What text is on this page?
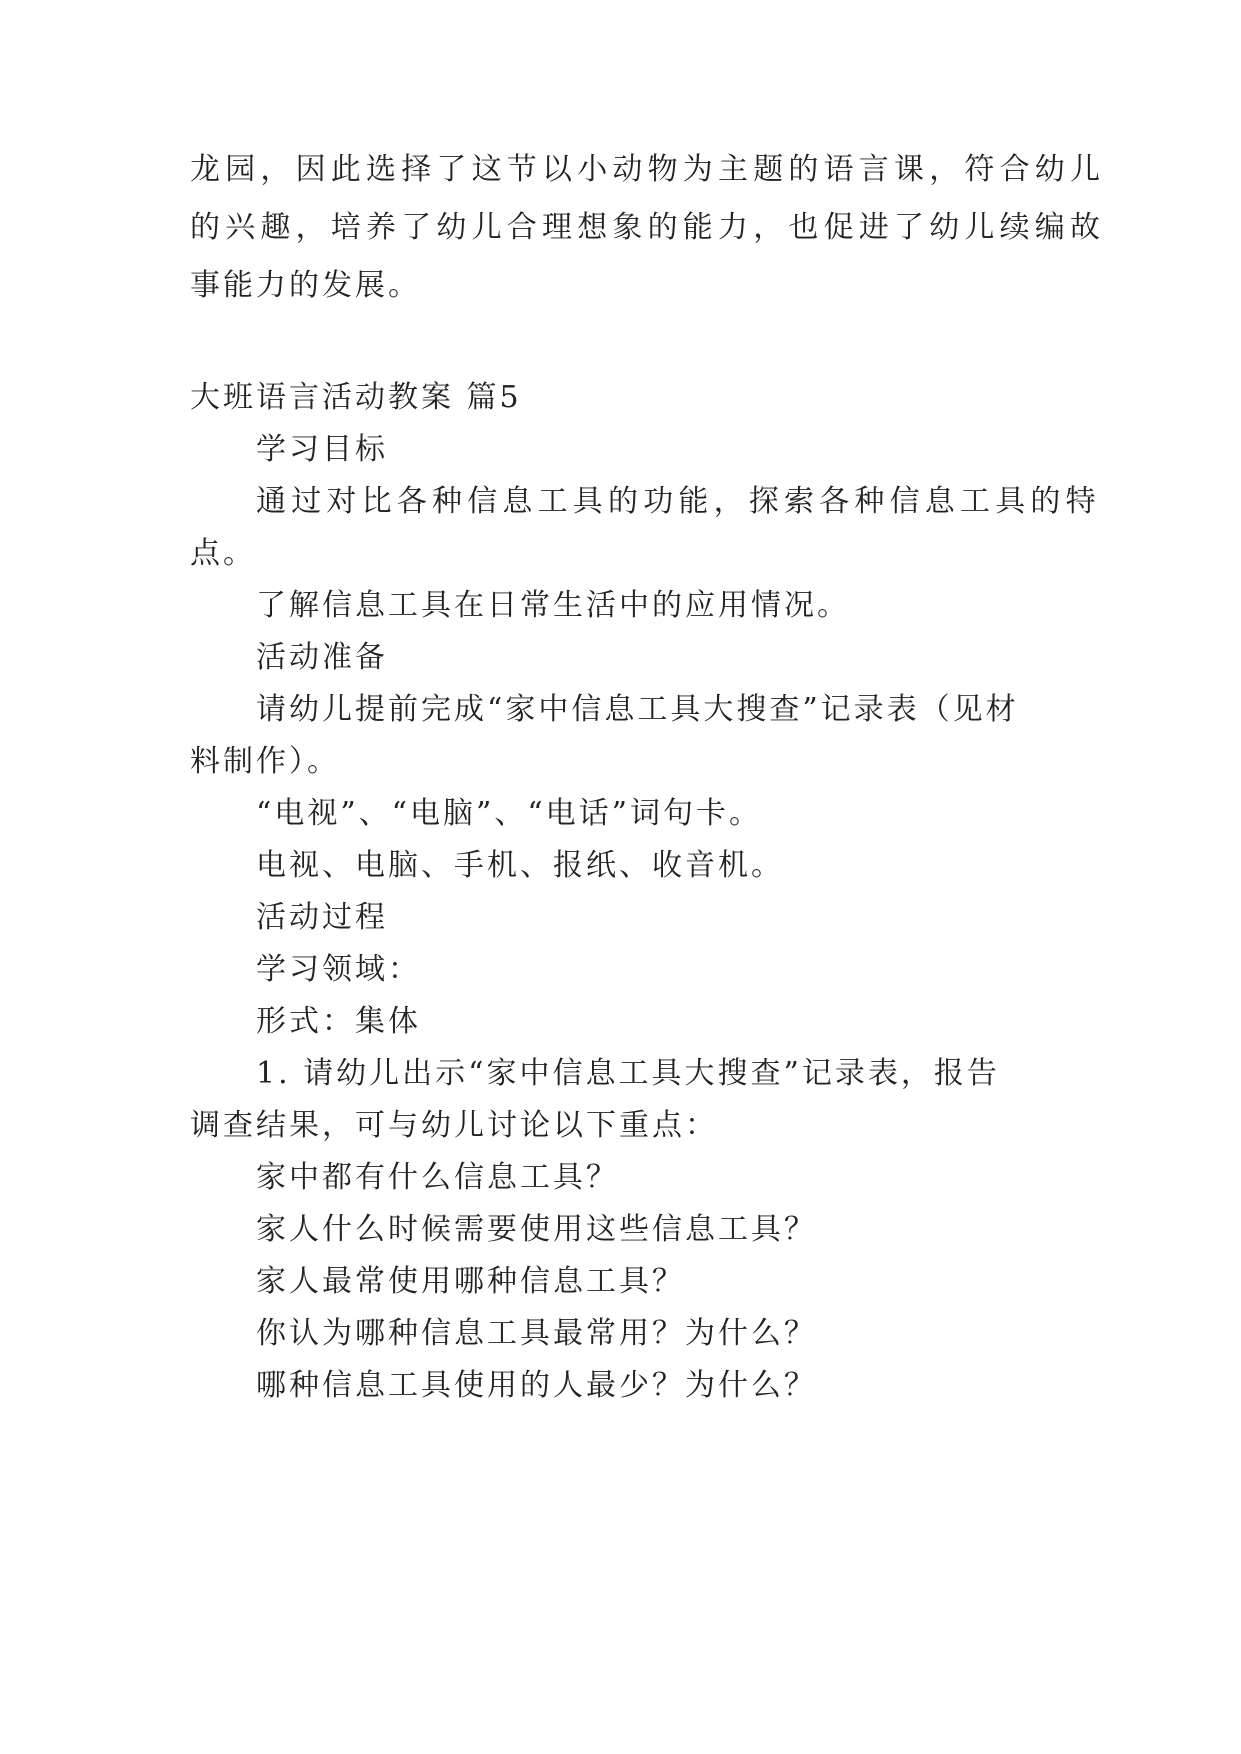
龙园，因此选择了这节以小动物为主题的语言课，符合幼儿
的兴趣，培养了幼儿合理想象的能力，也促进了幼儿续编故
事能力的发展。
大班语言活动教案 篇5
学习目标
通过对比各种信息工具的功能，探索各种信息工具的特
点。
了解信息工具在日常生活中的应用情况。
活动准备
请幼儿提前完成“家中信息工具大搜查”记录表（见材
料制作）。
“电视”、“电脑”、“电话”词句卡。
电视、电脑、手机、报纸、收音机。
活动过程
学习领域：
形式：集体
1. 请幼儿出示“家中信息工具大搜查”记录表，报告
调查结果，可与幼儿讨论以下重点：
家中都有什么信息工具？
家人什么时候需要使用这些信息工具？
家人最常使用哪种信息工具？
你认为哪种信息工具最常用？为什么？
哪种信息工具使用的人最少？为什么？
